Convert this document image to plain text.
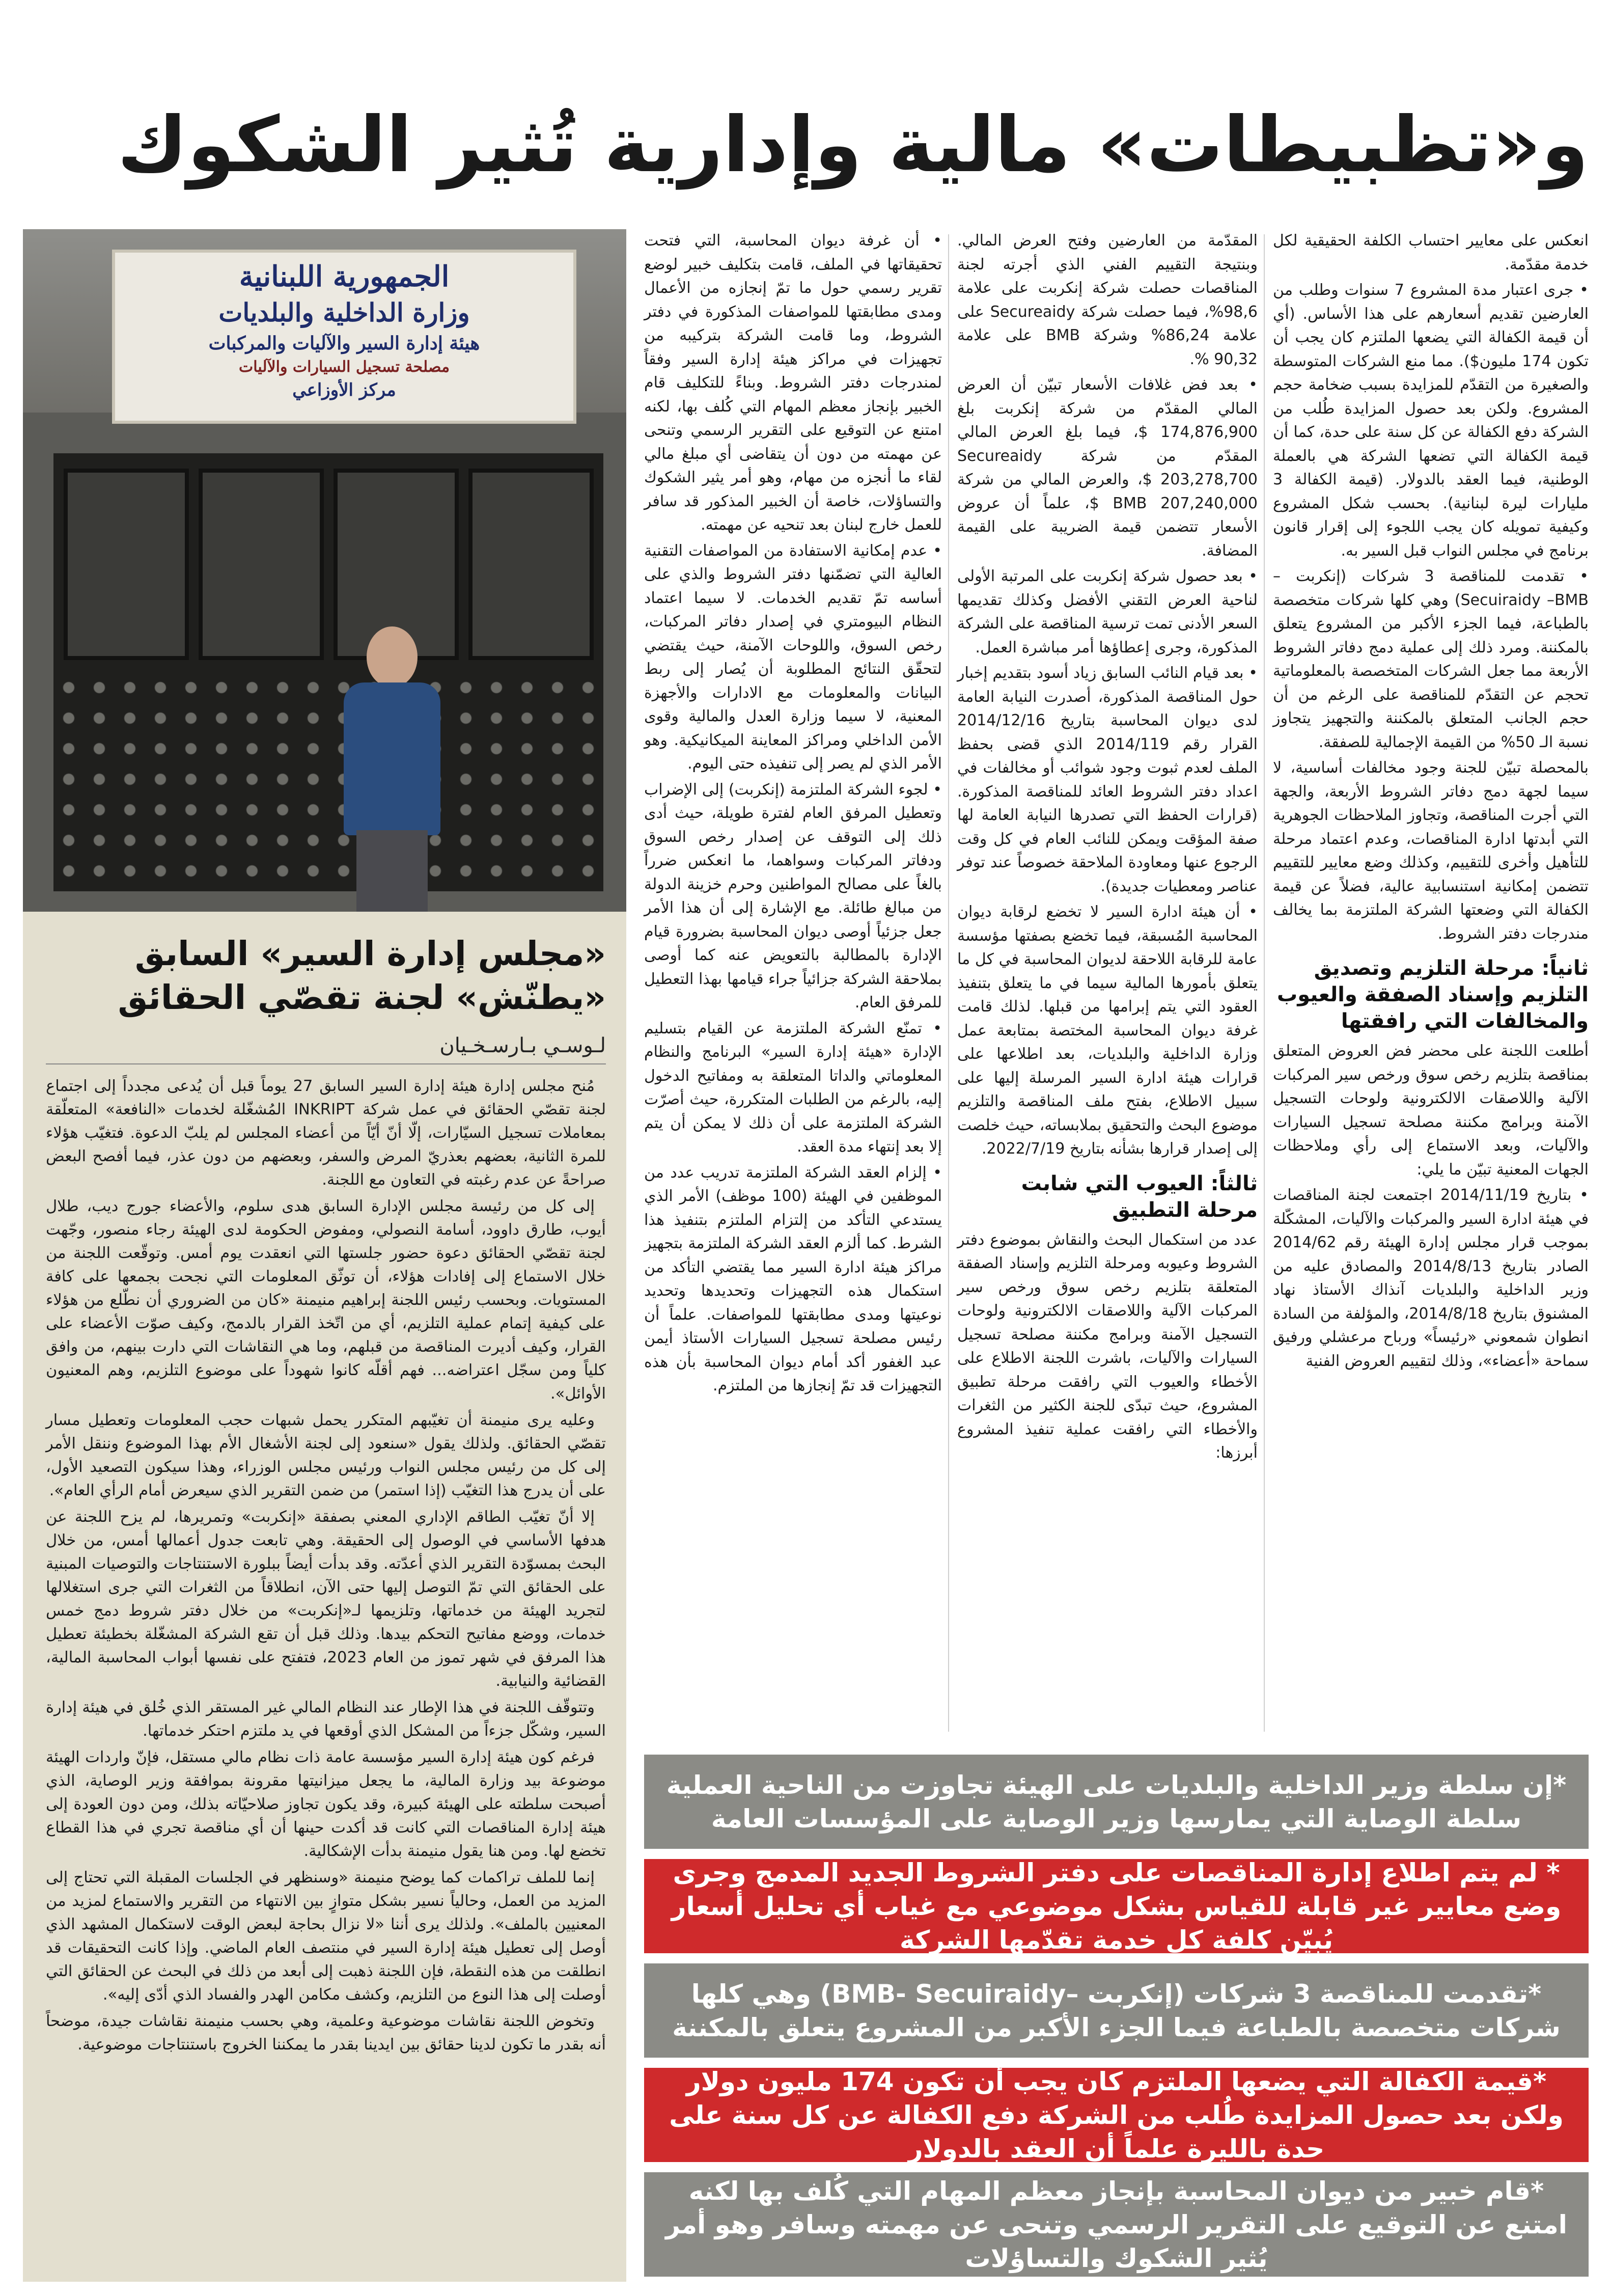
و«تظبيطات» مالية وإدارية تُثير الشكوك
الجمهورية اللبنانية
وزارة الداخلية والبلديات
هيئة إدارة السير والآليات والمركبات
مصلحة تسجيل السيارات والآليات
مركز الأوزاعي
«مجلس إدارة السير» السابق «يطنّش» لجنة تقصّي الحقائق
لـوسـي بـارسـخـيان

مُنح مجلس إدارة هيئة إدارة السير السابق 27 يوماً قبل أن يُدعى مجدداً إلى اجتماع لجنة تقصّي الحقائق في عمل شركة INKRIPT المُشغّلة لخدمات «النافعة» المتعلّقة بمعاملات تسجيل السيّارات، إلّا أنّ أيّاً من أعضاء المجلس لم يلبّ الدعوة. فتغيّب هؤلاء للمرة الثانية، بعضهم بعذريّ المرض والسفر، وبعضهم من دون عذر، فيما أفصح البعض صراحةً عن عدم رغبته في التعاون مع اللجنة.

إلى كل من رئيسة مجلس الإدارة السابق هدى سلوم، والأعضاء جورج ديب، طلال أيوب، طارق داوود، أسامة النصولي، ومفوض الحكومة لدى الهيئة رجاء منصور، وجّهت لجنة تقصّي الحقائق دعوة حضور جلستها التي انعقدت يوم أمس. وتوقّعت اللجنة من خلال الاستماع إلى إفادات هؤلاء، أن توثّق المعلومات التي نجحت بجمعها على كافة المستويات. وبحسب رئيس اللجنة إبراهيم منيمنة «كان من الضروري أن نطّلع من هؤلاء على كيفية إتمام عملية التلزيم، أي من اتّخذ القرار بالدمج، وكيف صوّت الأعضاء على القرار، وكيف أديرت المناقصة من قبلهم، وما هي النقاشات التي دارت بينهم، من وافق كلياً ومن سجّل اعتراضه... فهم أقلّه كانوا شهوداً على موضوع التلزيم، وهم المعنيون الأوائل».

وعليه يرى منيمنة أن تغيّبهم المتكرر يحمل شبهات حجب المعلومات وتعطيل مسار تقصّي الحقائق. ولذلك يقول «سنعود إلى لجنة الأشغال الأم بهذا الموضوع وننقل الأمر إلى كل من رئيس مجلس النواب ورئيس مجلس الوزراء، وهذا سيكون التصعيد الأول، على أن يدرج هذا التغيّب (إذا استمر) من ضمن التقرير الذي سيعرض أمام الرأي العام».

إلا أنّ تغيّب الطاقم الإداري المعني بصفقة «إنكربت» وتمريرها، لم يزح اللجنة عن هدفها الأساسي في الوصول إلى الحقيقة. وهي تابعت جدول أعمالها أمس، من خلال البحث بمسوّدة التقرير الذي أعدّته. وقد بدأت أيضاً ببلورة الاستنتاجات والتوصيات المبنية على الحقائق التي تمّ التوصل إليها حتى الآن، انطلاقاً من الثغرات التي جرى استغلالها لتجريد الهيئة من خدماتها، وتلزيمها لـ«إنكربت» من خلال دفتر شروط دمج خمس خدمات، ووضع مفاتيح التحكم بيدها. وذلك قبل أن تقع الشركة المشغّلة بخطيئة تعطيل هذا المرفق في شهر تموز من العام 2023، فتفتح على نفسها أبواب المحاسبة المالية، القضائية والنيابية.

وتتوقّف اللجنة في هذا الإطار عند النظام المالي غير المستقر الذي خُلق في هيئة إدارة السير، وشكّل جزءاً من المشكل الذي أوقعها في يد ملتزم احتكر خدماتها.

فرغم كون هيئة إدارة السير مؤسسة عامة ذات نظام مالي مستقل، فإنّ واردات الهيئة موضوعة بيد وزارة المالية، ما يجعل ميزانيتها مقرونة بموافقة وزير الوصاية، الذي أصبحت سلطته على الهيئة كبيرة، وقد يكون تجاوز صلاحيّاته بذلك، ومن دون العودة إلى هيئة إدارة المناقصات التي كانت قد أكدت حينها أن أي مناقصة تجري في هذا القطاع تخضع لها. ومن هنا يقول منيمنة بدأت الإشكالية.

إنما للملف تراكمات كما يوضح منيمنة «وسنظهر في الجلسات المقبلة التي تحتاج إلى المزيد من العمل، وحالياً نسير بشكل متوازٍ بين الانتهاء من التقرير والاستماع لمزيد من المعنيين بالملف». ولذلك يرى أننا «لا نزال بحاجة لبعض الوقت لاستكمال المشهد الذي أوصل إلى تعطيل هيئة إدارة السير في منتصف العام الماضي. وإذا كانت التحقيقات قد انطلقت من هذه النقطة، فإن اللجنة ذهبت إلى أبعد من ذلك في البحث عن الحقائق التي أوصلت إلى هذا النوع من التلزيم، وكشف مكامن الهدر والفساد الذي أدّى إليه».

وتخوض اللجنة نقاشات موضوعية وعلمية، وهي بحسب منيمنة نقاشات جيدة، موضحاً أنه بقدر ما تكون لدينا حقائق بين ايدينا بقدر ما يمكننا الخروج باستنتاجات موضوعية.

انعكس على معايير احتساب الكلفة الحقيقية لكل خدمة مقدّمة.

• جرى اعتبار مدة المشروع 7 سنوات وطلب من العارضين تقديم أسعارهم على هذا الأساس. (أي أن قيمة الكفالة التي يضعها الملتزم كان يجب أن تكون 174 مليون$). مما منع الشركات المتوسطة والصغيرة من التقدّم للمزايدة بسبب ضخامة حجم المشروع. ولكن بعد حصول المزايدة طُلب من الشركة دفع الكفالة عن كل سنة على حدة، كما أن قيمة الكفالة التي تضعها الشركة هي بالعملة الوطنية، فيما العقد بالدولار. (قيمة الكفالة 3 مليارات ليرة لبنانية). بحسب شكل المشروع وكيفية تمويله كان يجب اللجوء إلى إقرار قانون برنامج في مجلس النواب قبل السير به.

• تقدمت للمناقصة 3 شركات (إنكربت –Secuiraidy –BMB) وهي كلها شركات متخصصة بالطباعة، فيما الجزء الأكبر من المشروع يتعلق بالمكننة. ومرد ذلك إلى عملية دمج دفاتر الشروط الأربعة مما جعل الشركات المتخصصة بالمعلوماتية تحجم عن التقدّم للمناقصة على الرغم من أن حجم الجانب المتعلق بالمكننة والتجهيز يتجاوز نسبة الـ 50% من القيمة الإجمالية للصفقة.

بالمحصلة تبيّن للجنة وجود مخالفات أساسية، لا سيما لجهة دمج دفاتر الشروط الأربعة، والجهة التي أجرت المناقصة، وتجاوز الملاحظات الجوهرية التي أبدتها ادارة المناقصات، وعدم اعتماد مرحلة للتأهيل وأخرى للتقييم، وكذلك وضع معايير للتقييم تتضمن إمكانية استنسابية عالية، فضلاً عن قيمة الكفالة التي وضعتها الشركة الملتزمة بما يخالف مندرجات دفتر الشروط.

ثانياً: مرحلة التلزيم وتصديق التلزيم وإسناد الصفقة والعيوب والمخالفات التي رافقتها

أطلعت اللجنة على محضر فض العروض المتعلق بمناقصة بتلزيم رخص سوق ورخص سير المركبات الآلية واللاصقات الالكترونية ولوحات التسجيل الآمنة وبرامج مكننة مصلحة تسجيل السيارات والآليات، وبعد الاستماع إلى رأي وملاحظات الجهات المعنية تبيّن ما يلي:

• بتاريخ 2014/11/19 اجتمعت لجنة المناقصات في هيئة ادارة السير والمركبات والآليات، المشكّلة بموجب قرار مجلس إدارة الهيئة رقم 2014/62 الصادر بتاريخ 2014/8/13 والمصادق عليه من وزير الداخلية والبلديات آنذاك الأستاذ نهاد المشنوق بتاريخ 2014/8/18، والمؤلفة من السادة انطوان شمعوني «رئيساً» ورباح مرعشلي ورفيق سماحة «أعضاء»، وذلك لتقييم العروض الفنية

المقدّمة من العارضين وفتح العرض المالي. وبنتيجة التقييم الفني الذي أجرته لجنة المناقصات حصلت شركة إنكربت على علامة 98,6%، فيما حصلت شركة Secureaidy على علامة 86,24% وشركة BMB على علامة 90,32 %.

• بعد فض غلافات الأسعار تبيّن أن العرض المالي المقدّم من شركة إنكربت بلغ 174,876,900 $، فيما بلغ العرض المالي المقدّم من شركة Secureaidy 203,278,700 $، والعرض المالي من شركة BMB 207,240,000 $، علماً أن عروض الأسعار تتضمن قيمة الضريبة على القيمة المضافة.

• بعد حصول شركة إنكربت على المرتبة الأولى لناحية العرض التقني الأفضل وكذلك تقديمها السعر الأدنى تمت ترسية المناقصة على الشركة المذكورة، وجرى إعطاؤها أمر مباشرة العمل.

• بعد قيام النائب السابق زياد أسود بتقديم إخبار حول المناقصة المذكورة، أصدرت النيابة العامة لدى ديوان المحاسبة بتاريخ 2014/12/16 القرار رقم 2014/119 الذي قضى بحفظ الملف لعدم ثبوت وجود شوائب أو مخالفات في اعداد دفتر الشروط العائد للمناقصة المذكورة. (قرارات الحفظ التي تصدرها النيابة العامة لها صفة المؤقت ويمكن للنائب العام في كل وقت الرجوع عنها ومعاودة الملاحقة خصوصاً عند توفر عناصر ومعطيات جديدة).

• أن هيئة ادارة السير لا تخضع لرقابة ديوان المحاسبة المُسبقة، فيما تخضع بصفتها مؤسسة عامة للرقابة اللاحقة لديوان المحاسبة في كل ما يتعلق بأمورها المالية سيما في ما يتعلق بتنفيذ العقود التي يتم إبرامها من قبلها. لذلك قامت غرفة ديوان المحاسبة المختصة بمتابعة عمل وزارة الداخلية والبلديات، بعد اطلاعها على قرارات هيئة ادارة السير المرسلة إليها على سبيل الاطلاع، بفتح ملف المناقصة والتلزيم موضوع البحث والتحقيق بملابساته، حيث خلصت إلى إصدار قرارها بشأنه بتاريخ 2022/7/19.

ثالثاً: العيوب التي شابت مرحلة التطبيق

عدد من استكمال البحث والنقاش بموضوع دفتر الشروط وعيوبه ومرحلة التلزيم وإسناد الصفقة المتعلقة بتلزيم رخص سوق ورخص سير المركبات الآلية واللاصقات الالكترونية ولوحات التسجيل الآمنة وبرامج مكننة مصلحة تسجيل السيارات والآليات، باشرت اللجنة الاطلاع على الأخطاء والعيوب التي رافقت مرحلة تطبيق المشروع، حيث تبدّى للجنة الكثير من الثغرات والأخطاء التي رافقت عملية تنفيذ المشروع أبرزها:

• أن غرفة ديوان المحاسبة، التي فتحت تحقيقاتها في الملف، قامت بتكليف خبير لوضع تقرير رسمي حول ما تمّ إنجازه من الأعمال ومدى مطابقتها للمواصفات المذكورة في دفتر الشروط، وما قامت الشركة بتركيبه من تجهيزات في مراكز هيئة إدارة السير وفقاً لمندرجات دفتر الشروط. وبناءً للتكليف قام الخبير بإنجاز معظم المهام التي كُلف بها، لكنه امتنع عن التوقيع على التقرير الرسمي وتنحى عن مهمته من دون أن يتقاضى أي مبلغ مالي لقاء ما أنجزه من مهام، وهو أمر يثير الشكوك والتساؤلات، خاصة أن الخبير المذكور قد سافر للعمل خارج لبنان بعد تنحيه عن مهمته.

• عدم إمكانية الاستفادة من المواصفات التقنية العالية التي تضمّنها دفتر الشروط والذي على أساسه تمّ تقديم الخدمات. لا سيما اعتماد النظام البيومتري في إصدار دفاتر المركبات، رخص السوق، واللوحات الآمنة، حيث يقتضي لتحقّق النتائج المطلوبة أن يُصار إلى ربط البيانات والمعلومات مع الادارات والأجهزة المعنية، لا سيما وزارة العدل والمالية وقوى الأمن الداخلي ومراكز المعاينة الميكانيكية. وهو الأمر الذي لم يصر إلى تنفيذه حتى اليوم.

• لجوء الشركة الملتزمة (إنكربت) إلى الإضراب وتعطيل المرفق العام لفترة طويلة، حيث أدى ذلك إلى التوقف عن إصدار رخص السوق ودفاتر المركبات وسواهما، ما انعكس ضرراً بالغاً على مصالح المواطنين وحرم خزينة الدولة من مبالغ طائلة. مع الإشارة إلى أن هذا الأمر جعل جزئياً أوصى ديوان المحاسبة بضرورة قيام الإدارة بالمطالبة بالتعويض عنه كما أوصى بملاحقة الشركة جزائياً جراء قيامها بهذا التعطيل للمرفق العام.

• تمنّع الشركة الملتزمة عن القيام بتسليم الإدارة «هيئة إدارة السير» البرنامج والنظام المعلوماتي والداتا المتعلقة به ومفاتيح الدخول إليه، بالرغم من الطلبات المتكررة، حيث أصرّت الشركة الملتزمة على أن ذلك لا يمكن أن يتم إلا بعد إنتهاء مدة العقد.

• إلزام العقد الشركة الملتزمة تدريب عدد من الموظفين في الهيئة (100 موظف) الأمر الذي يستدعي التأكد من إلتزام الملتزم بتنفيذ هذا الشرط. كما ألزم العقد الشركة الملتزمة بتجهيز مراكز هيئة ادارة السير مما يقتضي التأكد من استكمال هذه التجهيزات وتحديدها وتحديد نوعيتها ومدى مطابقتها للمواصفات. علماً أن رئيس مصلحة تسجيل السيارات الأستاذ أيمن عبد الغفور أكد أمام ديوان المحاسبة بأن هذه التجهيزات قد تمّ إنجازها من الملتزم.

*إن سلطة وزير الداخلية والبلديات على الهيئة تجاوزت من الناحية العملية سلطة الوصاية التي يمارسها وزير الوصاية على المؤسسات العامة
* لم يتم اطلاع إدارة المناقصات على دفتر الشروط الجديد المدمج وجرى وضع معايير غير قابلة للقياس بشكل موضوعي مع غياب أي تحليل أسعار يُبيّن كلفة كل خدمة تقدّمها الشركة
*تقدمت للمناقصة 3 شركات (إنكربت –BMB- Secuiraidy) وهي كلها شركات متخصصة بالطباعة فيما الجزء الأكبر من المشروع يتعلق بالمكننة
*قيمة الكفالة التي يضعها الملتزم كان يجب أن تكون 174 مليون دولار ولكن بعد حصول المزايدة طُلب من الشركة دفع الكفالة عن كل سنة على حدة بالليرة علماً أن العقد بالدولار
*قام خبير من ديوان المحاسبة بإنجاز معظم المهام التي كُلف بها لكنه امتنع عن التوقيع على التقرير الرسمي وتنحى عن مهمته وسافر وهو أمر يُثير الشكوك والتساؤلات
